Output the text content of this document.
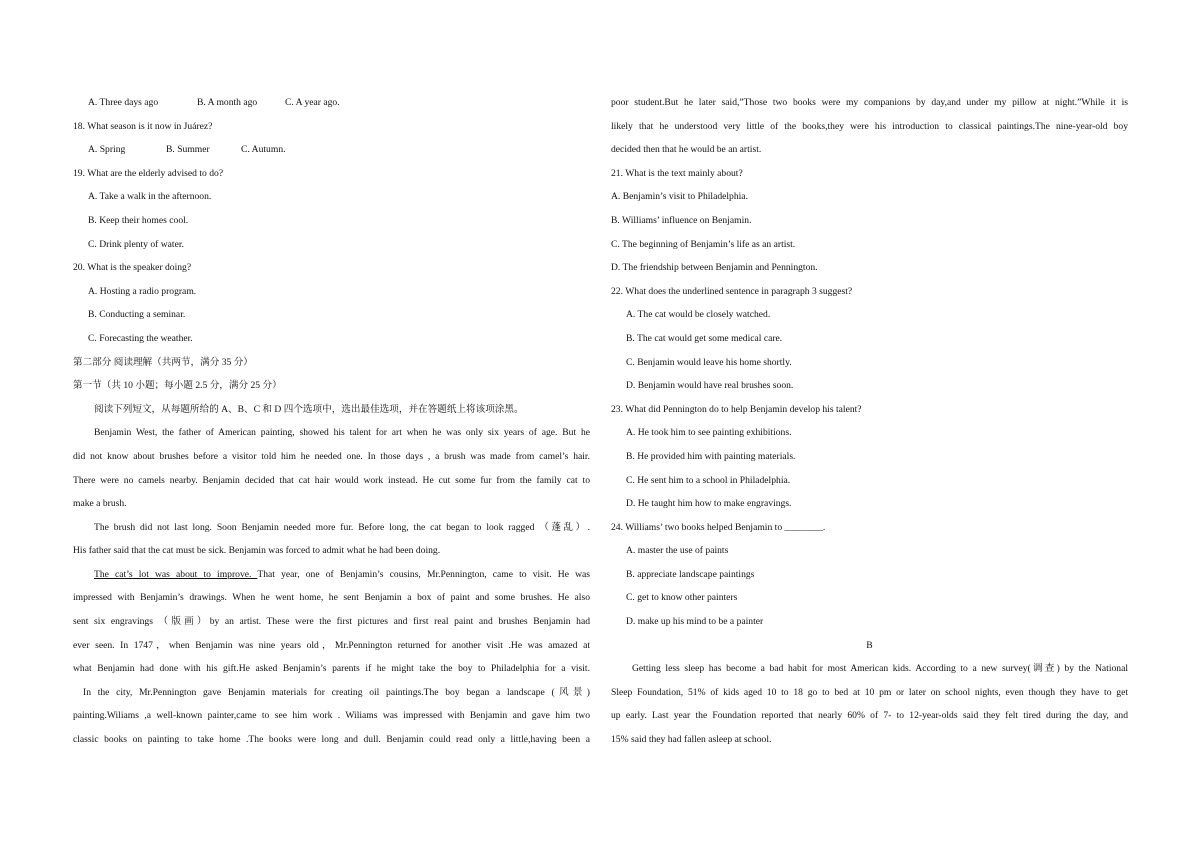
A. Three days ago	B. A month ago	C. A year ago.
18. What season is it now in Juárez?
A. Spring	B. Summer	C. Autumn.
19. What are the elderly advised to do?
A. Take a walk in the afternoon.
B. Keep their homes cool.
C. Drink plenty of water.
20. What is the speaker doing?
A. Hosting a radio program.
B. Conducting a seminar.
C. Forecasting the weather.
第二部分 阅读理解（共两节，满分 35 分）
第一节（共 10 小题；每小题 2.5 分，满分 25 分）
阅读下列短文，从每题所给的 A、B、C 和 D 四个选项中，选出最佳选项，并在答题纸上将该项涂黑。
Benjamin West, the father of American painting, showed his talent for art when he was only six years of age. But he
did not know about brushes before a visitor told him he needed one. In those days , a brush was made from camel’s hair.
There were no camels nearby. Benjamin decided that cat hair would work instead. He cut some fur from the family cat to
make a brush.
The brush did not last long. Soon Benjamin needed more fur. Before long, the cat began to look ragged （蓬乱）.
His father said that the cat must be sick. Benjamin was forced to admit what he had been doing.
The cat’s lot was about to improve. That year, one of Benjamin’s cousins, Mr.Pennington, came to visit. He was
impressed with Benjamin’s drawings. When he went home, he sent Benjamin a box of paint and some brushes. He also
sent six engravings （版画）by an artist. These were the first pictures and first real paint and brushes Benjamin had
ever seen. In 1747，when Benjamin was nine years old，Mr.Pennington returned for another visit .He was amazed at
what Benjamin had done with his gift.He asked Benjamin’s parents if he might take the boy to Philadelphia for a visit.
In the city, Mr.Pennington gave Benjamin materials for creating oil paintings.The boy began a landscape (风景)
painting.Wiliams ,a well-known painter,came to see him work . Wiliams was impressed with Benjamin and gave him two
classic books on painting to take home .The books were long and dull. Benjamin could read only a little,having been a
poor student.But he later said,”Those two books were my companions by day,and under my pillow at night.”While it is
likely that he understood very little of the books,they were his introduction to classical paintings.The nine-year-old boy
decided then that he would be an artist.
21. What is the text mainly about?
A. Benjamin’s visit to Philadelphia.
B. Williams’ influence on Benjamin.
C. The beginning of Benjamin’s life as an artist.
D. The friendship between Benjamin and Pennington.
22. What does the underlined sentence in paragraph 3 suggest?
A. The cat would be closely watched.
B. The cat would get some medical care.
C. Benjamin would leave his home shortly.
D. Benjamin would have real brushes soon.
23. What did Pennington do to help Benjamin develop his talent?
A. He took him to see painting exhibitions.
B. He provided him with painting materials.
C. He sent him to a school in Philadelphia.
D. He taught him how to make engravings.
24. Williams’ two books helped Benjamin to ________.
A. master the use of paints
B. appreciate landscape paintings
C. get to know other painters
D. make up his mind to be a painter
B
Getting less sleep has become a bad habit for most American kids. According to a new survey(调查) by the National
Sleep Foundation, 51% of kids aged 10 to 18 go to bed at 10 pm or later on school nights, even though they have to get
up early. Last year the Foundation reported that nearly 60% of 7- to 12-year-olds said they felt tired during the day, and
15% said they had fallen asleep at school.
